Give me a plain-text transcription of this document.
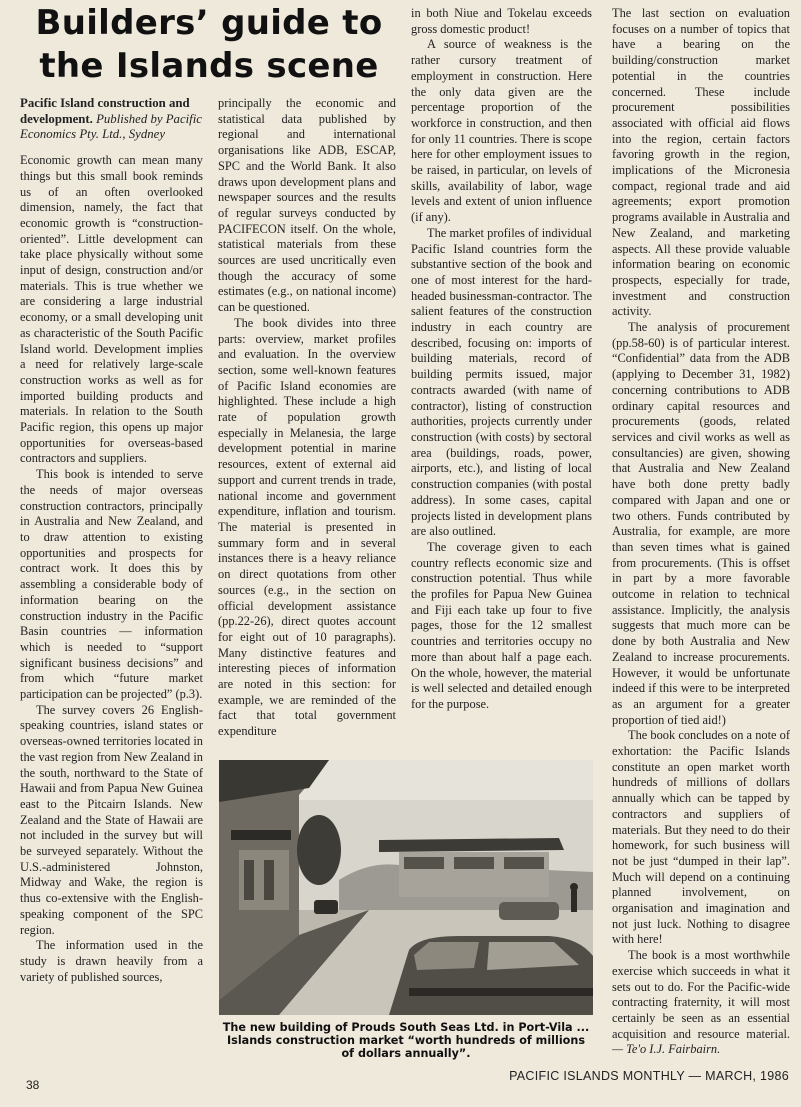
Builders’ guide to
the Islands scene
Pacific Island construction and development. Published by Pacific Economics Pty. Ltd., Sydney

Economic growth can mean many things but this small book reminds us of an often overlooked dimension, namely, the fact that economic growth is “construction-oriented”. Little development can take place physically without some input of design, construction and/or materials. This is true whether we are considering a large industrial economy, or a small developing unit as characteristic of the South Pacific Island world. Development implies a need for relatively large-scale construction works as well as for imported building products and materials. In relation to the South Pacific region, this opens up major opportunities for overseas-based contractors and suppliers.

This book is intended to serve the needs of major overseas construction contractors, principally in Australia and New Zealand, and to draw attention to existing opportunities and prospects for contract work. It does this by assembling a considerable body of information bearing on the construction industry in the Pacific Basin countries — information which is needed to “support significant business decisions” and from which “future market participation can be projected” (p.3).

The survey covers 26 English-speaking countries, island states or overseas-owned territories located in the vast region from New Zealand in the south, northward to the State of Hawaii and from Papua New Guinea east to the Pitcairn Islands. New Zealand and the State of Hawaii are not included in the survey but will be surveyed separately. Without the U.S.-administered Johnston, Midway and Wake, the region is thus co-extensive with the English-speaking component of the SPC region.

The information used in the study is drawn heavily from a variety of published sources,

principally the economic and statistical data published by regional and international organisations like ADB, ESCAP, SPC and the World Bank. It also draws upon development plans and newspaper sources and the results of regular surveys conducted by PACIFECON itself. On the whole, statistical materials from these sources are used uncritically even though the accuracy of some estimates (e.g., on national income) can be questioned.

The book divides into three parts: overview, market profiles and evaluation. In the overview section, some well-known features of Pacific Island economies are highlighted. These include a high rate of population growth especially in Melanesia, the large development potential in marine resources, extent of external aid support and current trends in trade, national income and government expenditure, inflation and tourism. The material is presented in summary form and in several instances there is a heavy reliance on direct quotations from other sources (e.g., in the section on official development assistance (pp.22-26), direct quotes account for eight out of 10 paragraphs). Many distinctive features and interesting pieces of information are noted in this section: for example, we are reminded of the fact that total government expenditure

in both Niue and Tokelau exceeds gross domestic product!

A source of weakness is the rather cursory treatment of employment in construction. Here the only data given are the percentage proportion of the workforce in construction, and then for only 11 countries. There is scope here for other employment issues to be raised, in particular, on levels of skills, availability of labor, wage levels and extent of union influence (if any).

The market profiles of individual Pacific Island countries form the substantive section of the book and one of most interest for the hard-headed businessman-contractor. The salient features of the construction industry in each country are described, focusing on: imports of building materials, record of building permits issued, major contracts awarded (with name of contractor), listing of construction authorities, projects currently under construction (with costs) by sectoral area (buildings, roads, power, airports, etc.), and listing of local construction companies (with postal address). In some cases, capital projects listed in development plans are also outlined.

The coverage given to each country reflects economic size and construction potential. Thus while the profiles for Papua New Guinea and Fiji each take up four to five pages, those for the 12 smallest countries and territories occupy no more than about half a page each. On the whole, however, the material is well selected and detailed enough for the purpose.

The last section on evaluation focuses on a number of topics that have a bearing on the building/construction market potential in the countries concerned. These include procurement possibilities associated with official aid flows into the region, certain factors favoring growth in the region, implications of the Micronesia compact, regional trade and aid agreements; export promotion programs available in Australia and New Zealand, and marketing aspects. All these provide valuable information bearing on economic prospects, especially for trade, investment and construction activity.

The analysis of procurement (pp.58-60) is of particular interest. “Confidential” data from the ADB (applying to December 31, 1982) concerning contributions to ADB ordinary capital resources and procurements (goods, related services and civil works as well as consultancies) are given, showing that Australia and New Zealand have both done pretty badly compared with Japan and one or two others. Funds contributed by Australia, for example, are more than seven times what is gained from procurements. (This is offset in part by a more favorable outcome in relation to technical assistance. Implicitly, the analysis suggests that much more can be done by both Australia and New Zealand to increase procurements. However, it would be unfortunate indeed if this were to be interpreted as an argument for a greater proportion of tied aid!)

The book concludes on a note of exhortation: the Pacific Islands constitute an open market worth hundreds of millions of dollars annually which can be tapped by contractors and suppliers of materials. But they need to do their homework, for such business will not be just “dumped in their lap”. Much will depend on a continuing planned involvement, on organisation and imagination and not just luck. Nothing to disagree with here!

The book is a most worthwhile exercise which succeeds in what it sets out to do. For the Pacific-wide contracting fraternity, it will most certainly be seen as an essential acquisition and resource material. — Te'o I.J. Fairbairn.

The new building of Prouds South Seas Ltd. in Port-Vila ... Islands construction market “worth hundreds of millions of dollars annually”.
38
PACIFIC ISLANDS MONTHLY — MARCH, 1986
